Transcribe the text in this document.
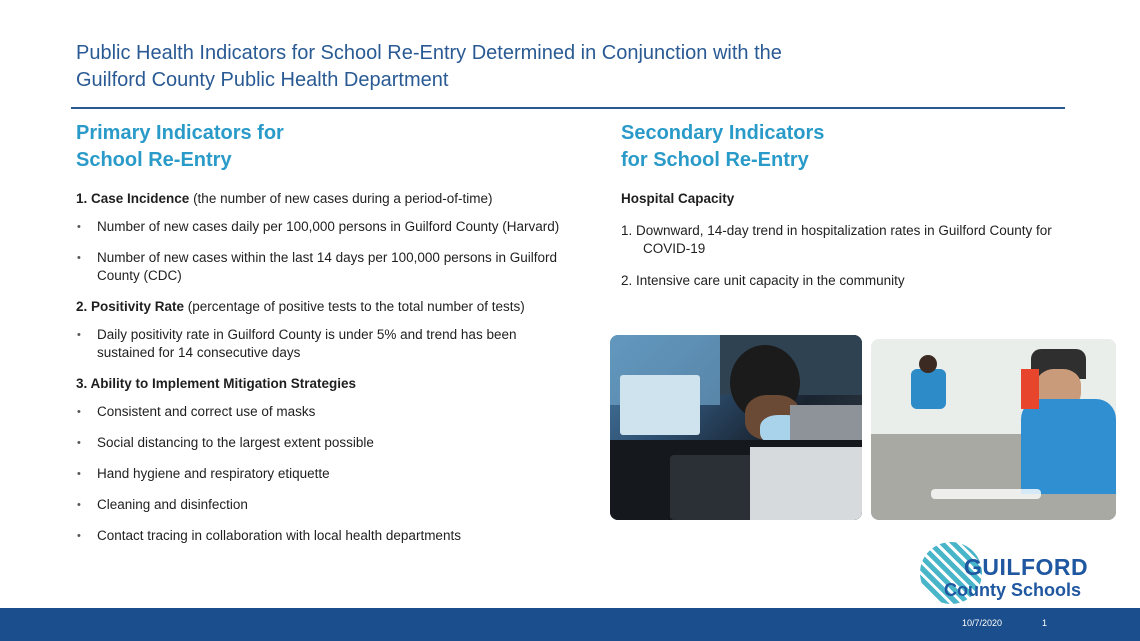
Public Health Indicators for School Re-Entry Determined in Conjunction with the
Guilford County Public Health Department
Primary Indicators for
School Re-Entry
1. Case Incidence (the number of new cases during a period-of-time)
• Number of new cases daily per 100,000 persons in Guilford County (Harvard)
• Number of new cases within the last 14 days per 100,000 persons in Guilford County (CDC)
2. Positivity Rate (percentage of positive tests to the total number of tests)
• Daily positivity rate in Guilford County is under 5% and trend has been sustained for 14 consecutive days
3. Ability to Implement Mitigation Strategies
• Consistent and correct use of masks
• Social distancing to the largest extent possible
• Hand hygiene and respiratory etiquette
• Cleaning and disinfection
• Contact tracing in collaboration with local health departments
Secondary Indicators
for School Re-Entry
Hospital Capacity
1. Downward, 14-day trend in hospitalization rates in Guilford County for COVID-19
2. Intensive care unit capacity in the community
GUILFORD
County Schools
10/7/2020	1
